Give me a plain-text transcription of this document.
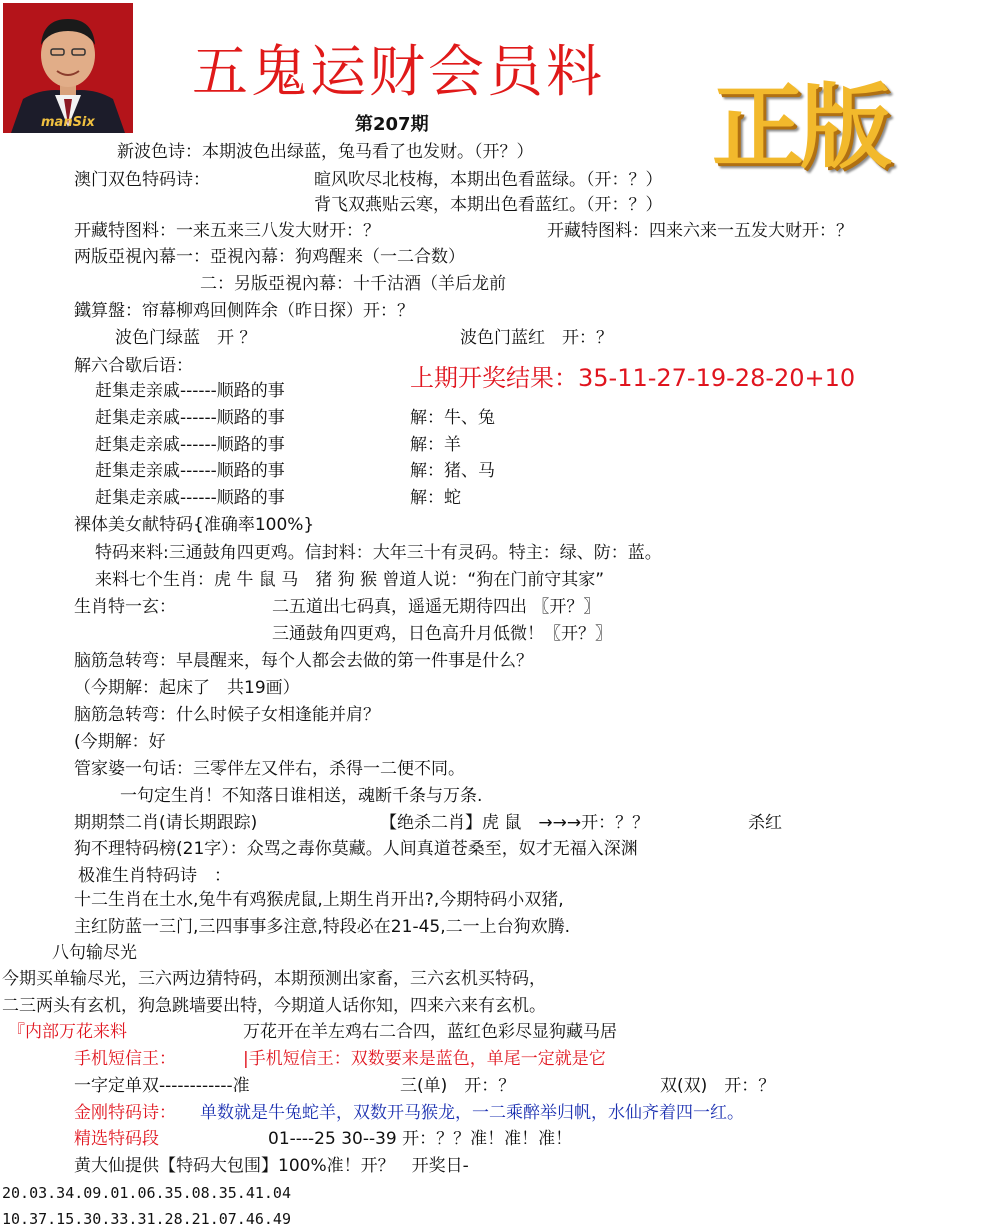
manSix
五鬼运财会员料
第207期	正版
上期开奖结果：35-11-27-19-28-20+10
新波色诗：本期波色出绿蓝，兔马看了也发财。（开？）
澳门双色特码诗：	暄风吹尽北枝梅，本期出色看蓝绿。（开：？）
背飞双燕贴云寒，本期出色看蓝红。（开：？）
开藏特图料：一来五来三八发大财开：？	开藏特图料：四来六来一五发大财开：？
两版亞視內幕一：亞視內幕：狗鸡醒来（一二合数）
二：另版亞視內幕：十千沽酒（羊后龙前
鐵算盤：帘幕柳鸡回侧阵余（昨日探）开：？
波色门绿蓝　开 ？	波色门蓝红　开：？
解六合歇后语：
赶集走亲戚------顺路的事
赶集走亲戚------顺路的事	解：牛、兔
赶集走亲戚------顺路的事	解：羊
赶集走亲戚------顺路的事	解：猪、马
赶集走亲戚------顺路的事	解：蛇
裸体美女献特码{准确率100%}
特码来料:三通鼓角四更鸡。信封料：大年三十有灵码。特主：绿、防：蓝。
来料七个生肖：虎 牛 鼠 马　猪 狗 猴 曾道人说：“狗在门前守其家”
生肖特一玄：	二五道出七码真，遥遥无期待四出 〖开？〗
三通鼓角四更鸡，日色高升月低微！〖开？〗
脑筋急转弯：早晨醒来，每个人都会去做的第一件事是什么？
（今期解：起床了　共19画）
脑筋急转弯：什么时候子女相逢能并肩？
(今期解：好
管家婆一句话：三零伴左又伴右，杀得一二便不同。
一句定生肖！不知落日谁相送，魂断千条与万条.
期期禁二肖(请长期跟踪)	【绝杀二肖】虎 鼠　→→→开：？？	杀红
狗不理特码榜(21字）：众骂之毒你莫藏。人间真道苍桑至，奴才无福入深渊
极准生肖特码诗　：
十二生肖在土水,兔牛有鸡猴虎鼠,上期生肖开出?,今期特码小双猪,
主红防蓝一三门,三四事事多注意,特段必在21-45,二一上台狗欢腾.
八句输尽光
今期买单输尽光，三六两边猜特码，本期预测出家畜，三六玄机买特码，
二三两头有玄机，狗急跳墙要出特，今期道人话你知，四来六来有玄机。
『内部万花来料	万花开在羊左鸡右二合四，蓝红色彩尽显狗藏马居
手机短信王：	|手机短信王：双数要来是蓝色，单尾一定就是它
一字定单双------------准	三(单)　开：？	双(双)　开：？
金刚特码诗： 单数就是牛兔蛇羊，双数开马猴龙，一二乘醉举归帆，水仙齐着四一红。
精选特码段	01----25 30--39 开：？？准！准！准！
黄大仙提供【特码大包围】100%准！开？　开奖日-
20.03.34.09.01.06.35.08.35.41.04
10.37.15.30.33.31.28.21.07.46.49
